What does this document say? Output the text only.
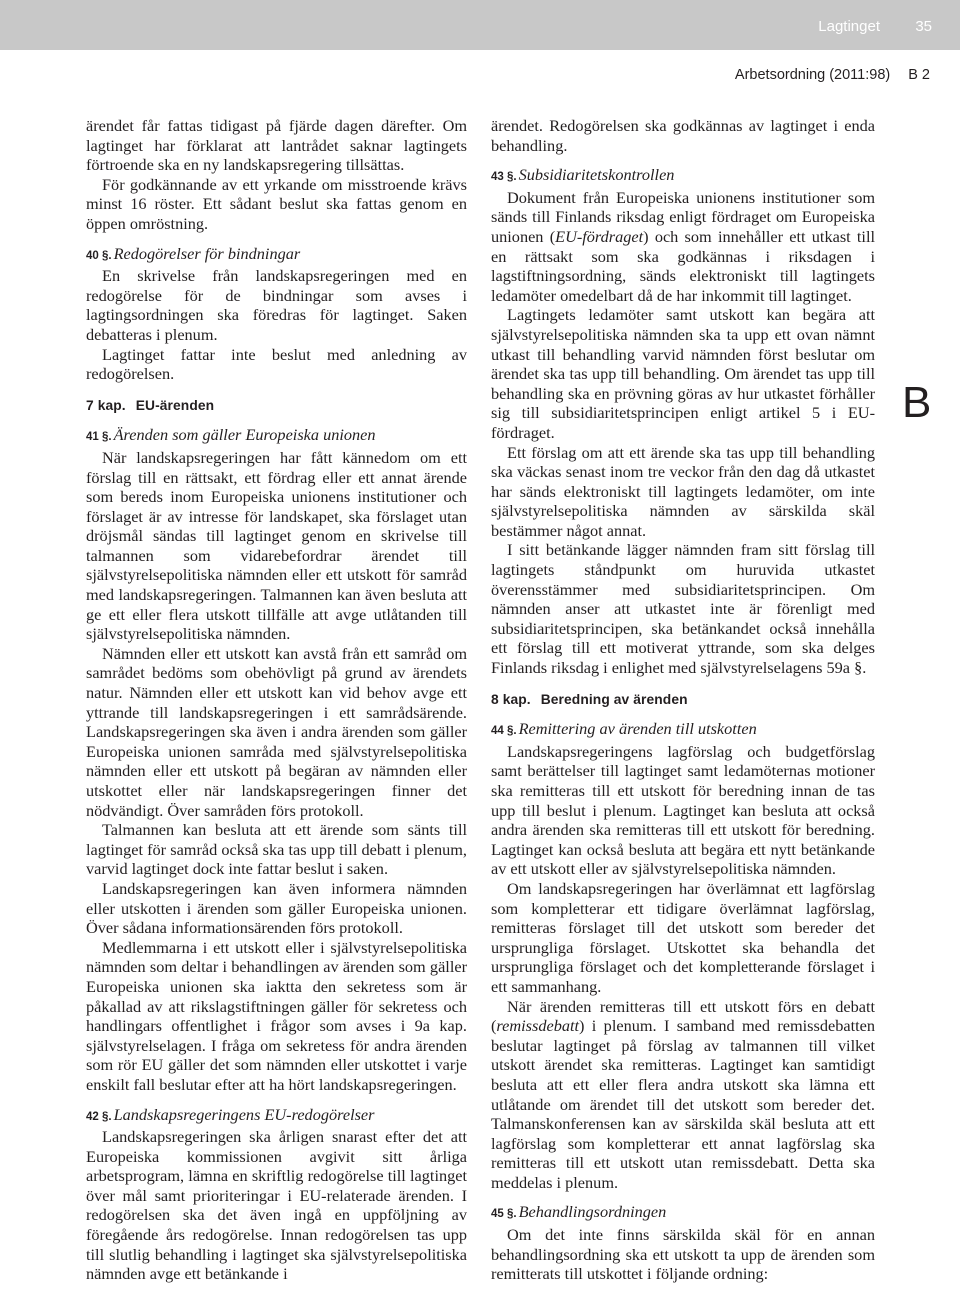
Lagtinget 35
Arbetsordning (2011:98) B 2
B

ärendet får fattas tidigast på fjärde dagen därefter. Om lagtinget har förklarat att lantrådet saknar lagtingets förtroende ska en ny landskapsregering tillsättas.

För godkännande av ett yrkande om misstroende krävs minst 16 röster. Ett sådant beslut ska fattas genom en öppen omröstning.

40 §. Redogörelser för bindningar

En skrivelse från landskapsregeringen med en redogörelse för de bindningar som avses i lagtingsordningen ska föredras för lagtinget. Saken debatteras i plenum.

Lagtinget fattar inte beslut med anledning av redogörelsen.

7 kap. EU-ärenden
41 §. Ärenden som gäller Europeiska unionen

När landskapsregeringen har fått kännedom om ett förslag till en rättsakt, ett fördrag eller ett annat ärende som bereds inom Europeiska unionens institutioner och förslaget är av intresse för landskapet, ska förslaget utan dröjsmål sändas till lagtinget genom en skrivelse till talmannen som vidarebefordrar ärendet till självstyrelsepolitiska nämnden eller ett utskott för samråd med landskapsregeringen. Talmannen kan även besluta att ge ett eller flera utskott tillfälle att avge utlåtanden till självstyrelsepolitiska nämnden.

Nämnden eller ett utskott kan avstå från ett samråd om samrådet bedöms som obehövligt på grund av ärendets natur. Nämnden eller ett utskott kan vid behov avge ett yttrande till landskapsregeringen i ett samrådsärende. Landskapsregeringen ska även i andra ärenden som gäller Europeiska unionen samråda med självstyrelsepolitiska nämnden eller ett utskott på begäran av nämnden eller utskottet eller när landskapsregeringen finner det nödvändigt. Över samråden förs protokoll.

Talmannen kan besluta att ett ärende som sänts till lagtinget för samråd också ska tas upp till debatt i plenum, varvid lagtinget dock inte fattar beslut i saken.

Landskapsregeringen kan även informera nämnden eller utskotten i ärenden som gäller Europeiska unionen. Över sådana informationsärenden förs protokoll.

Medlemmarna i ett utskott eller i självstyrelsepolitiska nämnden som deltar i behandlingen av ärenden som gäller Europeiska unionen ska iaktta den sekretess som är påkallad av att rikslagstiftningen gäller för sekretess och handlingars offentlighet i frågor som avses i 9a kap. självstyrelselagen. I fråga om sekretess för andra ärenden som rör EU gäller det som nämnden eller utskottet i varje enskilt fall beslutar efter att ha hört landskapsregeringen.

42 §. Landskapsregeringens EU-redogörelser

Landskapsregeringen ska årligen snarast efter det att Europeiska kommissionen avgivit sitt årliga arbetsprogram, lämna en skriftlig redogörelse till lagtinget över mål samt prioriteringar i EU-relaterade ärenden. I redogörelsen ska det även ingå en uppföljning av föregående års redogörelse. Innan redogörelsen tas upp till slutlig behandling i lagtinget ska självstyrelsepolitiska nämnden avge ett betänkande i

ärendet. Redogörelsen ska godkännas av lagtinget i enda behandling.

43 §. Subsidiaritetskontrollen

Dokument från Europeiska unionens institutioner som sänds till Finlands riksdag enligt fördraget om Europeiska unionen (EU-fördraget) och som innehåller ett utkast till en rättsakt som ska godkännas i riksdagen i lagstiftningsordning, sänds elektroniskt till lagtingets ledamöter omedelbart då de har inkommit till lagtinget.

Lagtingets ledamöter samt utskott kan begära att självstyrelsepolitiska nämnden ska ta upp ett ovan nämnt utkast till behandling varvid nämnden först beslutar om ärendet ska tas upp till behandling. Om ärendet tas upp till behandling ska en prövning göras av hur utkastet förhåller sig till subsidiaritetsprincipen enligt artikel 5 i EU-fördraget.

Ett förslag om att ett ärende ska tas upp till behandling ska väckas senast inom tre veckor från den dag då utkastet har sänds elektroniskt till lagtingets ledamöter, om inte självstyrelsepolitiska nämnden av särskilda skäl bestämmer något annat.

I sitt betänkande lägger nämnden fram sitt förslag till lagtingets ståndpunkt om huruvida utkastet överensstämmer med subsidiaritetsprincipen. Om nämnden anser att utkastet inte är förenligt med subsidiaritetsprincipen, ska betänkandet också innehålla ett förslag till ett motiverat yttrande, som ska delges Finlands riksdag i enlighet med självstyrelselagens 59a §.

8 kap. Beredning av ärenden
44 §. Remittering av ärenden till utskotten

Landskapsregeringens lagförslag och budgetförslag samt berättelser till lagtinget samt ledamöternas motioner ska remitteras till ett utskott för beredning innan de tas upp till beslut i plenum. Lagtinget kan besluta att också andra ärenden ska remitteras till ett utskott för beredning. Lagtinget kan också besluta att begära ett nytt betänkande av ett utskott eller av självstyrelsepolitiska nämnden.

Om landskapsregeringen har överlämnat ett lagförslag som kompletterar ett tidigare överlämnat lagförslag, remitteras förslaget till det utskott som bereder det ursprungliga förslaget. Utskottet ska behandla det ursprungliga förslaget och det kompletterande förslaget i ett sammanhang.

När ärenden remitteras till ett utskott förs en debatt (remissdebatt) i plenum. I samband med remissdebatten beslutar lagtinget på förslag av talmannen till vilket utskott ärendet ska remitteras. Lagtinget kan samtidigt besluta att ett eller flera andra utskott ska lämna ett utlåtande om ärendet till det utskott som bereder det. Talmanskonferensen kan av särskilda skäl besluta att ett lagförslag som kompletterar ett annat lagförslag ska remitteras till ett utskott utan remissdebatt. Detta ska meddelas i plenum.

45 §. Behandlingsordningen

Om det inte finns särskilda skäl för en annan behandlingsordning ska ett utskott ta upp de ärenden som remitterats till utskottet i följande ordning:
